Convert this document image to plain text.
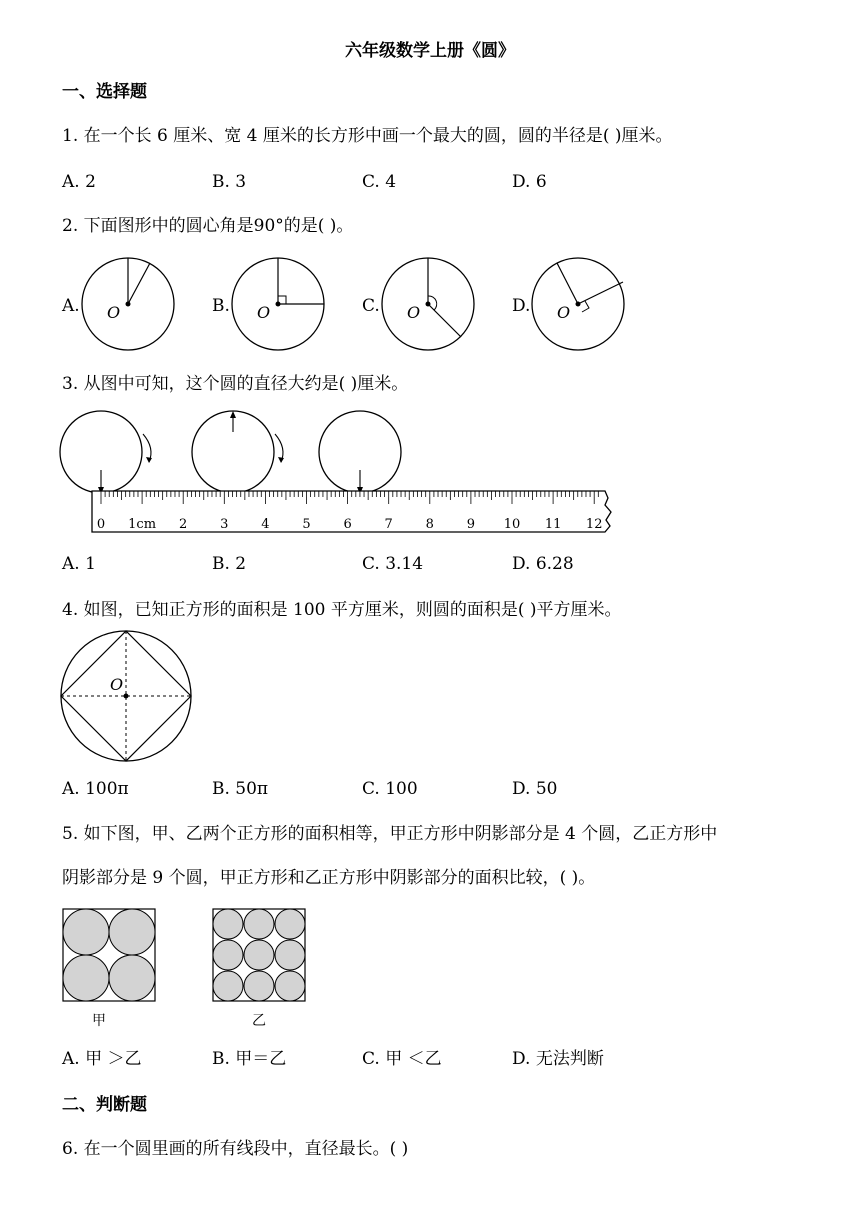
六年级数学上册《圆》
一、选择题
1. 在一个长 6 厘米、宽 4 厘米的长方形中画一个最大的圆，圆的半径是( )厘米。
A. 2	B. 3	C. 4	D. 6
2. 下面图形中的圆心角是90°的是( )。
A. O	B. O	C. O	D. O
3. 从图中可知，这个圆的直径大约是( )厘米。
0 1cm 2	3	4	5	6	7	8	9 10 11 12
A. 1	B. 2	C. 3.14	D. 6.28
4. 如图，已知正方形的面积是 100 平方厘米，则圆的面积是( )平方厘米。
O
A. 100π	B. 50π	C. 100	D. 50
5. 如下图，甲、乙两个正方形的面积相等，甲正方形中阴影部分是 4 个圆，乙正方形中
阴影部分是 9 个圆，甲正方形和乙正方形中阴影部分的面积比较，( )。
甲	乙
A. 甲 ＞乙	B. 甲＝乙	C. 甲 ＜乙	D. 无法判断
二、判断题
6. 在一个圆里画的所有线段中，直径最长。( )
